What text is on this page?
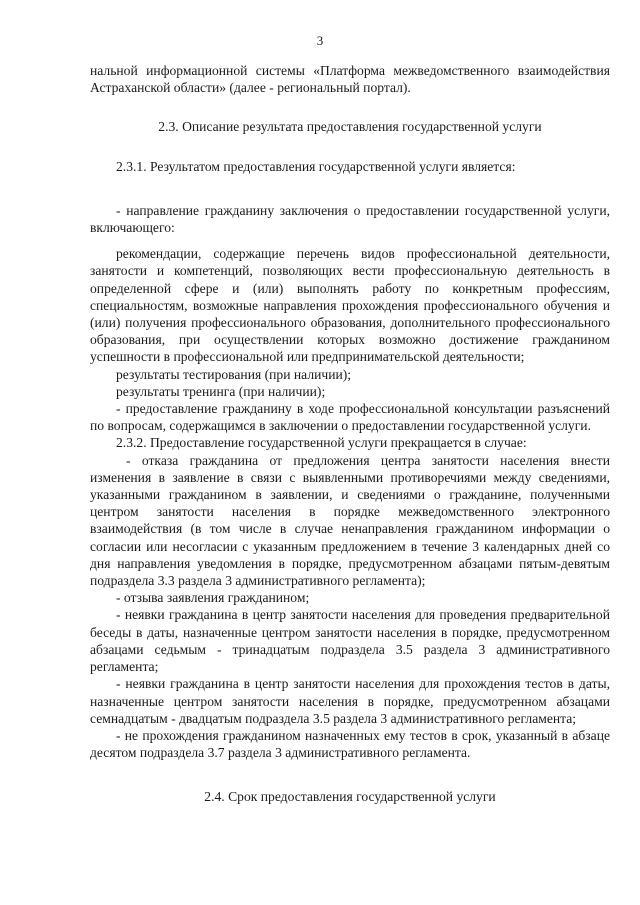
3

нальной информационной системы «Платформа межведомственного взаимодействия Астраханской области» (далее - региональный портал).

2.3. Описание результата предоставления государственной услуги

2.3.1. Результатом предоставления государственной услуги является:

- направление гражданину заключения о предоставлении государственной услуги, включающего:

рекомендации, содержащие перечень видов профессиональной деятельности, занятости и компетенций, позволяющих вести профессиональную деятельность в определенной сфере и (или) выполнять работу по конкретным профессиям, специальностям, возможные направления прохождения профессионального обучения и (или) получения профессионального образования, дополнительного профессионального образования, при осуществлении которых возможно достижение гражданином успешности в профессиональной или предпринимательской деятельности;

результаты тестирования (при наличии);

результаты тренинга (при наличии);

- предоставление гражданину в ходе профессиональной консультации разъяснений по вопросам, содержащимся в заключении о предоставлении государственной услуги.

2.3.2. Предоставление государственной услуги прекращается в случае:

- отказа гражданина от предложения центра занятости населения внести изменения в заявление в связи с выявленными противоречиями между сведениями, указанными гражданином в заявлении, и сведениями о гражданине, полученными центром занятости населения в порядке межведомственного электронного взаимодействия (в том числе в случае ненаправления гражданином информации о согласии или несогласии с указанным предложением в течение 3 календарных дней со дня направления уведомления в порядке, предусмотренном абзацами пятым-девятым подраздела 3.3 раздела 3 административного регламента);

- отзыва заявления гражданином;

- неявки гражданина в центр занятости населения для проведения предварительной беседы в даты, назначенные центром занятости населения в порядке, предусмотренном абзацами седьмым - тринадцатым подраздела 3.5 раздела 3 административного регламента;

- неявки гражданина в центр занятости населения для прохождения тестов в даты, назначенные центром занятости населения в порядке, предусмотренном абзацами семнадцатым - двадцатым подраздела 3.5 раздела 3 административного регламента;

- не прохождения гражданином назначенных ему тестов в срок, указанный в абзаце десятом подраздела 3.7 раздела 3 административного регламента.

2.4. Срок предоставления государственной услуги
